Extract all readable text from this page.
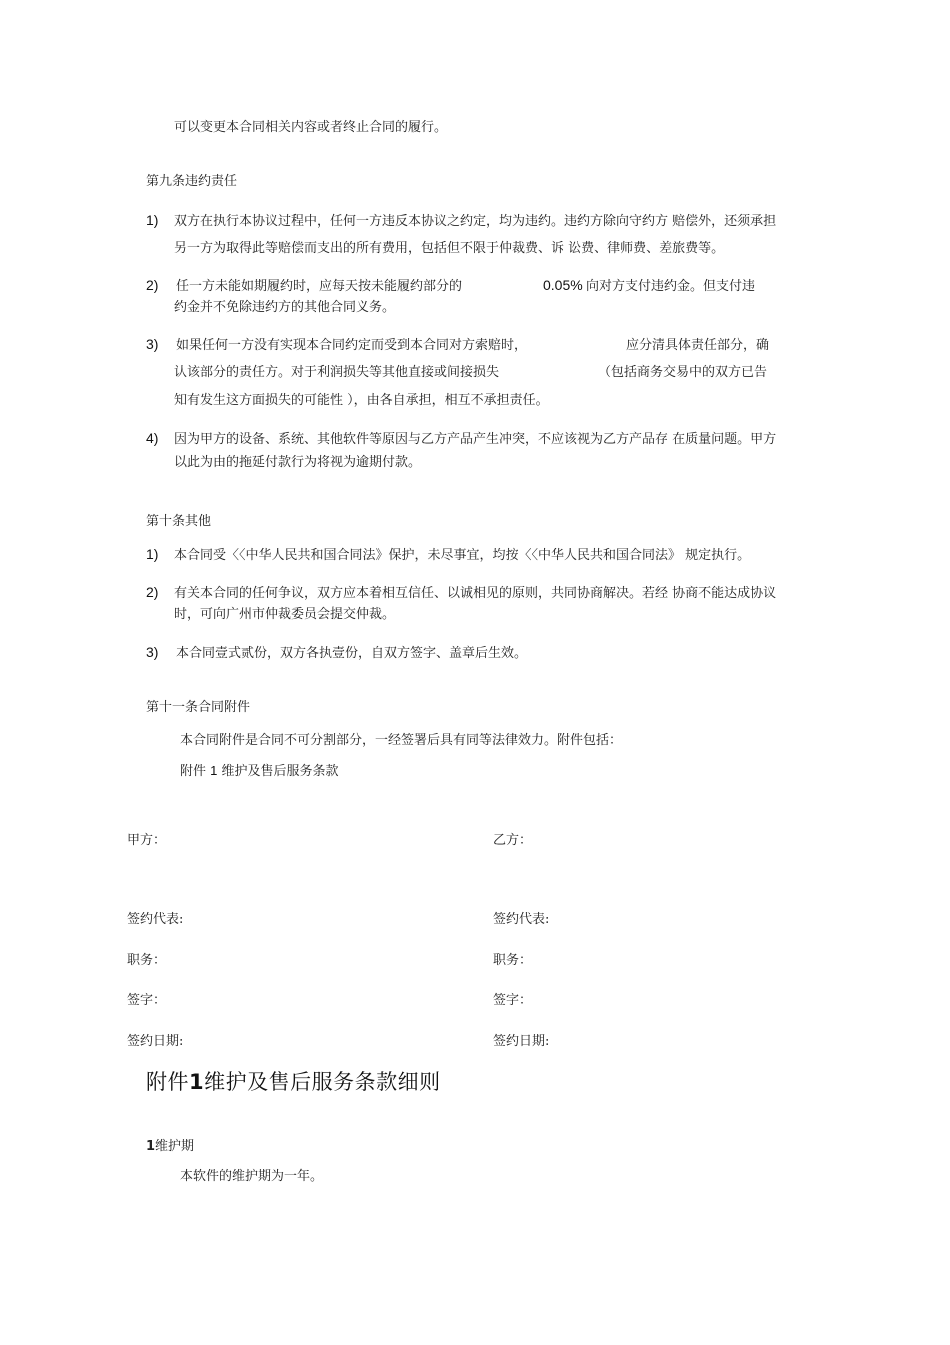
可以变更本合同相关内容或者终止合同的履行。
第九条违约责任
1) 双方在执行本协议过程中，任何一方违反本协议之约定，均为违约。违约方除向守约方 赔偿外，还须承担
另一方为取得此等赔偿而支出的所有费用，包括但不限于仲裁费、诉 讼费、律师费、差旅费等。
2) 任一方未能如期履约时，应每天按未能履约部分的	0.05% 向对方支付违约金。但支付违
约金并不免除违约方的其他合同义务。
3) 如果任何一方没有实现本合同约定而受到本合同对方索赔时，	应分清具体责任部分，确
认该部分的责任方。对于利润损失等其他直接或间接损失	（包括商务交易中的双方已告
知有发生这方面损失的可能性 ），由各自承担，相互不承担责任。
4) 因为甲方的设备、系统、其他软件等原因与乙方产品产生冲突，不应该视为乙方产品存 在质量问题。甲方
以此为由的拖延付款行为将视为逾期付款。
第十条其他
1) 本合同受〈〈中华人民共和国合同法》保护，未尽事宜，均按〈〈中华人民共和国合同法》 规定执行。
2) 有关本合同的任何争议，双方应本着相互信任、以诚相见的原则，共同协商解决。若经 协商不能达成协议
时，可向广州市仲裁委员会提交仲裁。
3) 本合同壹式贰份，双方各执壹份，自双方签字、盖章后生效。
第十一条合同附件
本合同附件是合同不可分割部分，一经签署后具有同等法律效力。附件包括：
附件 1 维护及售后服务条款
甲方：	乙方：
签约代表:	签约代表:
职务：	职务：
签字：	签字：
签约日期:	签约日期:
附件1维护及售后服务条款细则
1维护期
本软件的维护期为一年。
